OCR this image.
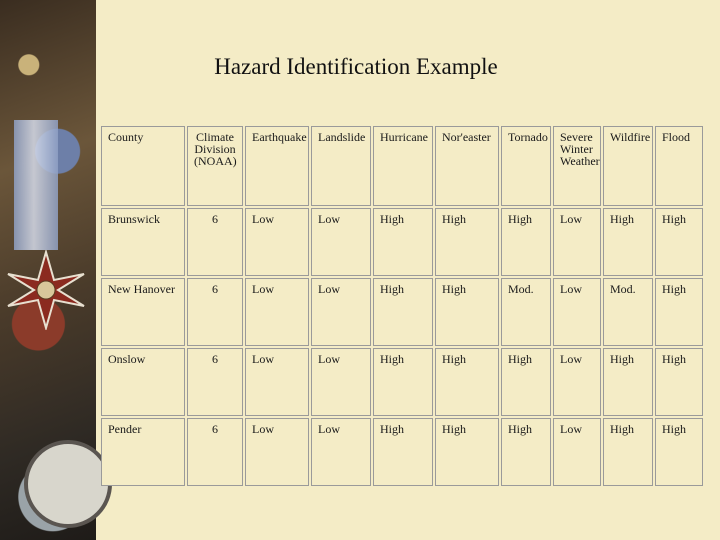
Hazard Identification Example
County	Climate Division (NOAA)	Earthquake	Landslide	Hurricane	Nor'easter	Tornado	Severe Winter Weather	Wildfire	Flood
Brunswick	6	Low	Low	High	High	High	Low	High	High
New Hanover	6	Low	Low	High	High	Mod.	Low	Mod.	High
Onslow	6	Low	Low	High	High	High	Low	High	High
Pender	6	Low	Low	High	High	High	Low	High	High
